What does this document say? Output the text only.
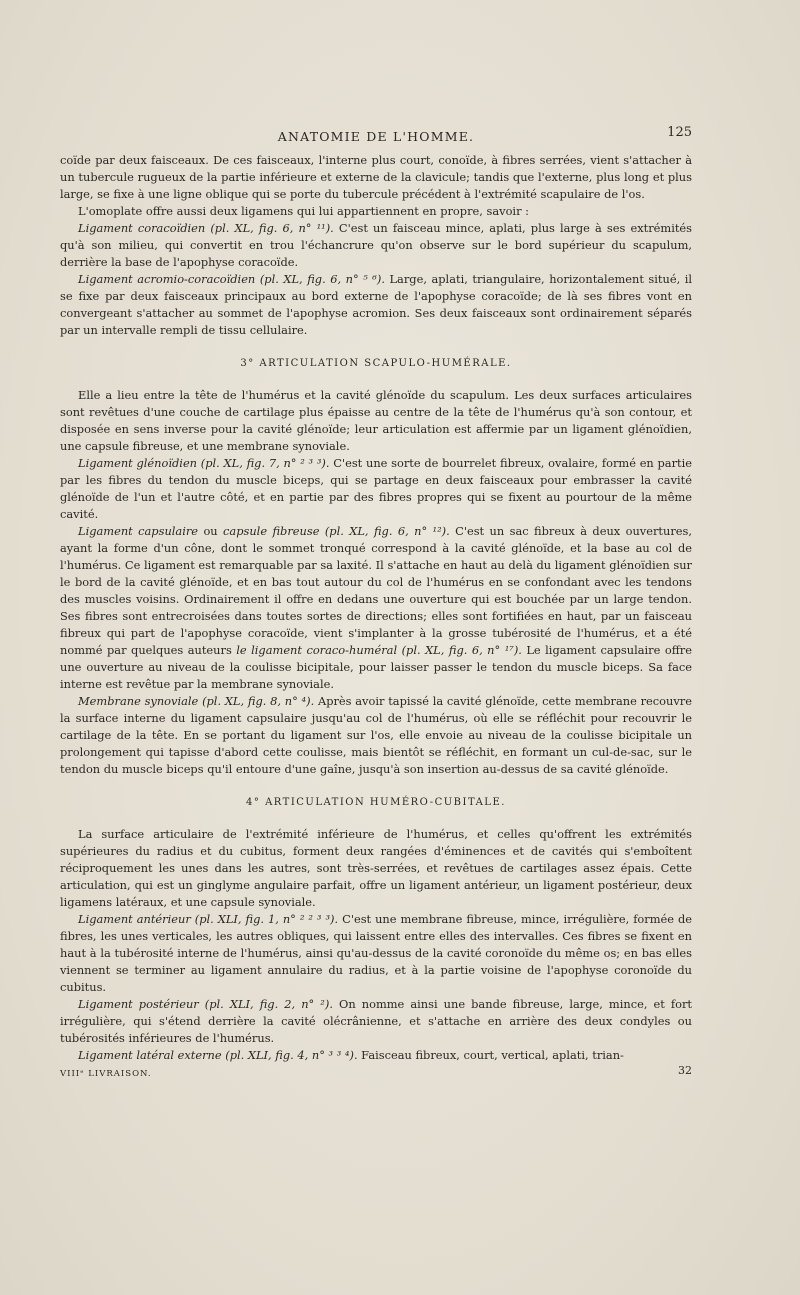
ANATOMIE DE L'HOMME.	125

coïde par deux faisceaux. De ces faisceaux, l'interne plus court, conoïde, à fibres serrées, vient s'attacher à un tubercule rugueux de la partie inférieure et externe de la clavicule; tandis que l'externe, plus long et plus large, se fixe à une ligne oblique qui se porte du tubercule précédent à l'extrémité scapulaire de l'os.

L'omoplate offre aussi deux ligamens qui lui appartiennent en propre, savoir :

Ligament coracoïdien (pl. XL, fig. 6, n° ¹¹). C'est un faisceau mince, aplati, plus large à ses extrémités qu'à son milieu, qui convertit en trou l'échancrure qu'on observe sur le bord supérieur du scapulum, derrière la base de l'apophyse coracoïde.

Ligament acromio-coracoïdien (pl. XL, fig. 6, n° ⁵ ⁶). Large, aplati, triangulaire, horizontalement situé, il se fixe par deux faisceaux principaux au bord externe de l'apophyse coracoïde; de là ses fibres vont en convergeant s'attacher au sommet de l'apophyse acromion. Ses deux faisceaux sont ordinairement séparés par un intervalle rempli de tissu cellulaire.

3° ARTICULATION SCAPULO-HUMÉRALE.

Elle a lieu entre la tête de l'humérus et la cavité glénoïde du scapulum. Les deux surfaces articulaires sont revêtues d'une couche de cartilage plus épaisse au centre de la tête de l'humérus qu'à son contour, et disposée en sens inverse pour la cavité glénoïde; leur articulation est affermie par un ligament glénoïdien, une capsule fibreuse, et une membrane synoviale.

Ligament glénoïdien (pl. XL, fig. 7, n° ² ³ ³). C'est une sorte de bourrelet fibreux, ovalaire, formé en partie par les fibres du tendon du muscle biceps, qui se partage en deux faisceaux pour embrasser la cavité glénoïde de l'un et l'autre côté, et en partie par des fibres propres qui se fixent au pourtour de la même cavité.

Ligament capsulaire ou capsule fibreuse (pl. XL, fig. 6, n° ¹²). C'est un sac fibreux à deux ouvertures, ayant la forme d'un cône, dont le sommet tronqué correspond à la cavité glénoïde, et la base au col de l'humérus. Ce ligament est remarquable par sa laxité. Il s'attache en haut au delà du ligament glénoïdien sur le bord de la cavité glénoïde, et en bas tout autour du col de l'humérus en se confondant avec les tendons des muscles voisins. Ordinairement il offre en dedans une ouverture qui est bouchée par un large tendon. Ses fibres sont entrecroisées dans toutes sortes de directions; elles sont fortifiées en haut, par un faisceau fibreux qui part de l'apophyse coracoïde, vient s'implanter à la grosse tubérosité de l'humérus, et a été nommé par quelques auteurs le ligament coraco-huméral (pl. XL, fig. 6, n° ¹⁷). Le ligament capsulaire offre une ouverture au niveau de la coulisse bicipitale, pour laisser passer le tendon du muscle biceps. Sa face interne est revêtue par la membrane synoviale.

Membrane synoviale (pl. XL, fig. 8, n° ⁴). Après avoir tapissé la cavité glénoïde, cette membrane recouvre la surface interne du ligament capsulaire jusqu'au col de l'humérus, où elle se réfléchit pour recouvrir le cartilage de la tête. En se portant du ligament sur l'os, elle envoie au niveau de la coulisse bicipitale un prolongement qui tapisse d'abord cette coulisse, mais bientôt se réfléchit, en formant un cul-de-sac, sur le tendon du muscle biceps qu'il entoure d'une gaîne, jusqu'à son insertion au-dessus de sa cavité glénoïde.

4° ARTICULATION HUMÉRO-CUBITALE.

La surface articulaire de l'extrémité inférieure de l'humérus, et celles qu'offrent les extrémités supérieures du radius et du cubitus, forment deux rangées d'éminences et de cavités qui s'emboîtent réciproquement les unes dans les autres, sont très-serrées, et revêtues de cartilages assez épais. Cette articulation, qui est un ginglyme angulaire parfait, offre un ligament antérieur, un ligament postérieur, deux ligamens latéraux, et une capsule synoviale.

Ligament antérieur (pl. XLI, fig. 1, n° ² ² ³ ³). C'est une membrane fibreuse, mince, irrégulière, formée de fibres, les unes verticales, les autres obliques, qui laissent entre elles des intervalles. Ces fibres se fixent en haut à la tubérosité interne de l'humérus, ainsi qu'au-dessus de la cavité coronoïde du même os; en bas elles viennent se terminer au ligament annulaire du radius, et à la partie voisine de l'apophyse coronoïde du cubitus.

Ligament postérieur (pl. XLI, fig. 2, n° ²). On nomme ainsi une bande fibreuse, large, mince, et fort irrégulière, qui s'étend derrière la cavité olécrânienne, et s'attache en arrière des deux condyles ou tubérosités inférieures de l'humérus.

Ligament latéral externe (pl. XLI, fig. 4, n° ³ ³ ⁴). Faisceau fibreux, court, vertical, aplati, trian-

VIIIᵉ LIVRAISON.	32
